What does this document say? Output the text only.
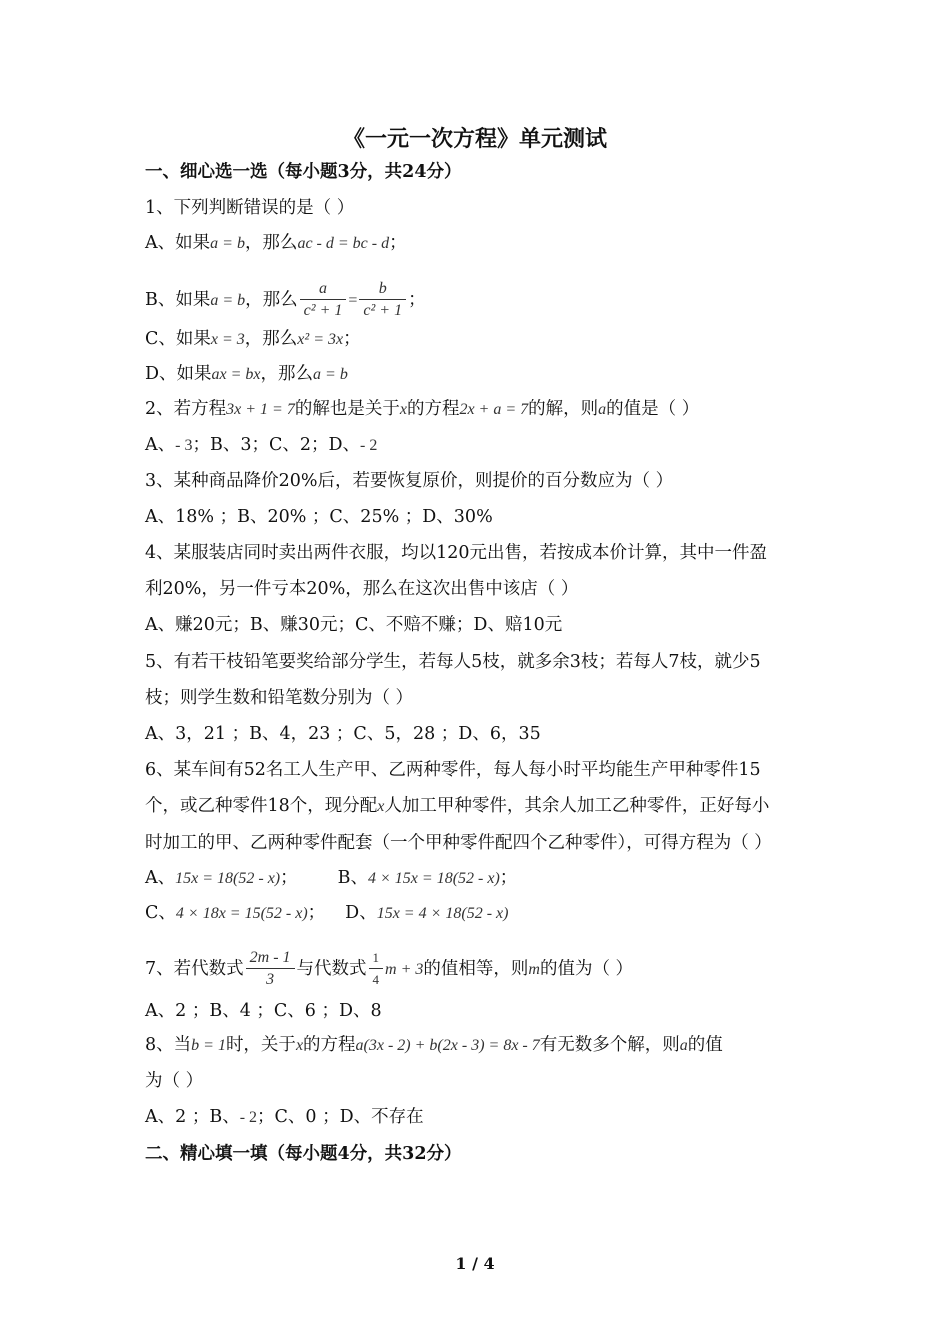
《一元一次方程》单元测试
一、细心选一选（每小题3分，共24分）
1、下列判断错误的是（ ）
A、如果a = b，那么ac - d = bc - d；
B、如果a = b，那么 $\frac{a}{\text{c² + 1}} = \frac{b}{\text{c² + 1}}$ ；
C、如果x = 3，那么x² = 3x；
D、如果ax = bx，那么a = b
2、若方程3x + 1 = 7的解也是关于x的方程2x + a = 7的解，则a的值是（ ）
A、- 3；B、3；C、2；D、- 2
3、某种商品降价20%后，若要恢复原价，则提价的百分数应为（ ）
A、18% ；B、20% ；C、25% ；D、30%
4、某服装店同时卖出两件衣服，均以120元出售，若按成本价计算，其中一件盈
利20%，另一件亏本20%，那么在这次出售中该店（ ）
A、赚20元；B、赚30元；C、不赔不赚；D、赔10元
5、有若干枝铅笔要奖给部分学生，若每人5枝，就多余3枝；若每人7枝，就少5
枝；则学生数和铅笔数分别为（ ）
A、3，21 ；B、4，23 ；C、5，28 ；D、6，35
6、某车间有52名工人生产甲、乙两种零件，每人每小时平均能生产甲种零件15
个，或乙种零件18个，现分配x人加工甲种零件，其余人加工乙种零件，正好每小
时加工的甲、乙两种零件配套（一个甲种零件配四个乙种零件），可得方程为（ ）
A、15x = 18(52 - x)； B、4 × 15x = 18(52 - x)；
C、4 × 18x = 15(52 - x)； D、15x = 4 × 18(52 - x)
7、若代数式 $\frac{2m - 1}{3}$ 与代数式 $\frac{1}{4}$ m + 3的值相等，则m的值为（ ）
A、2 ；B、4 ；C、6 ；D、8
8、当b = 1时，关于x的方程a(3x - 2) + b(2x - 3) = 8x - 7有无数多个解，则a的值
为（ ）
A、2 ；B、- 2；C、0 ；D、不存在
二、精心填一填（每小题4分，共32分）
1 / 4
